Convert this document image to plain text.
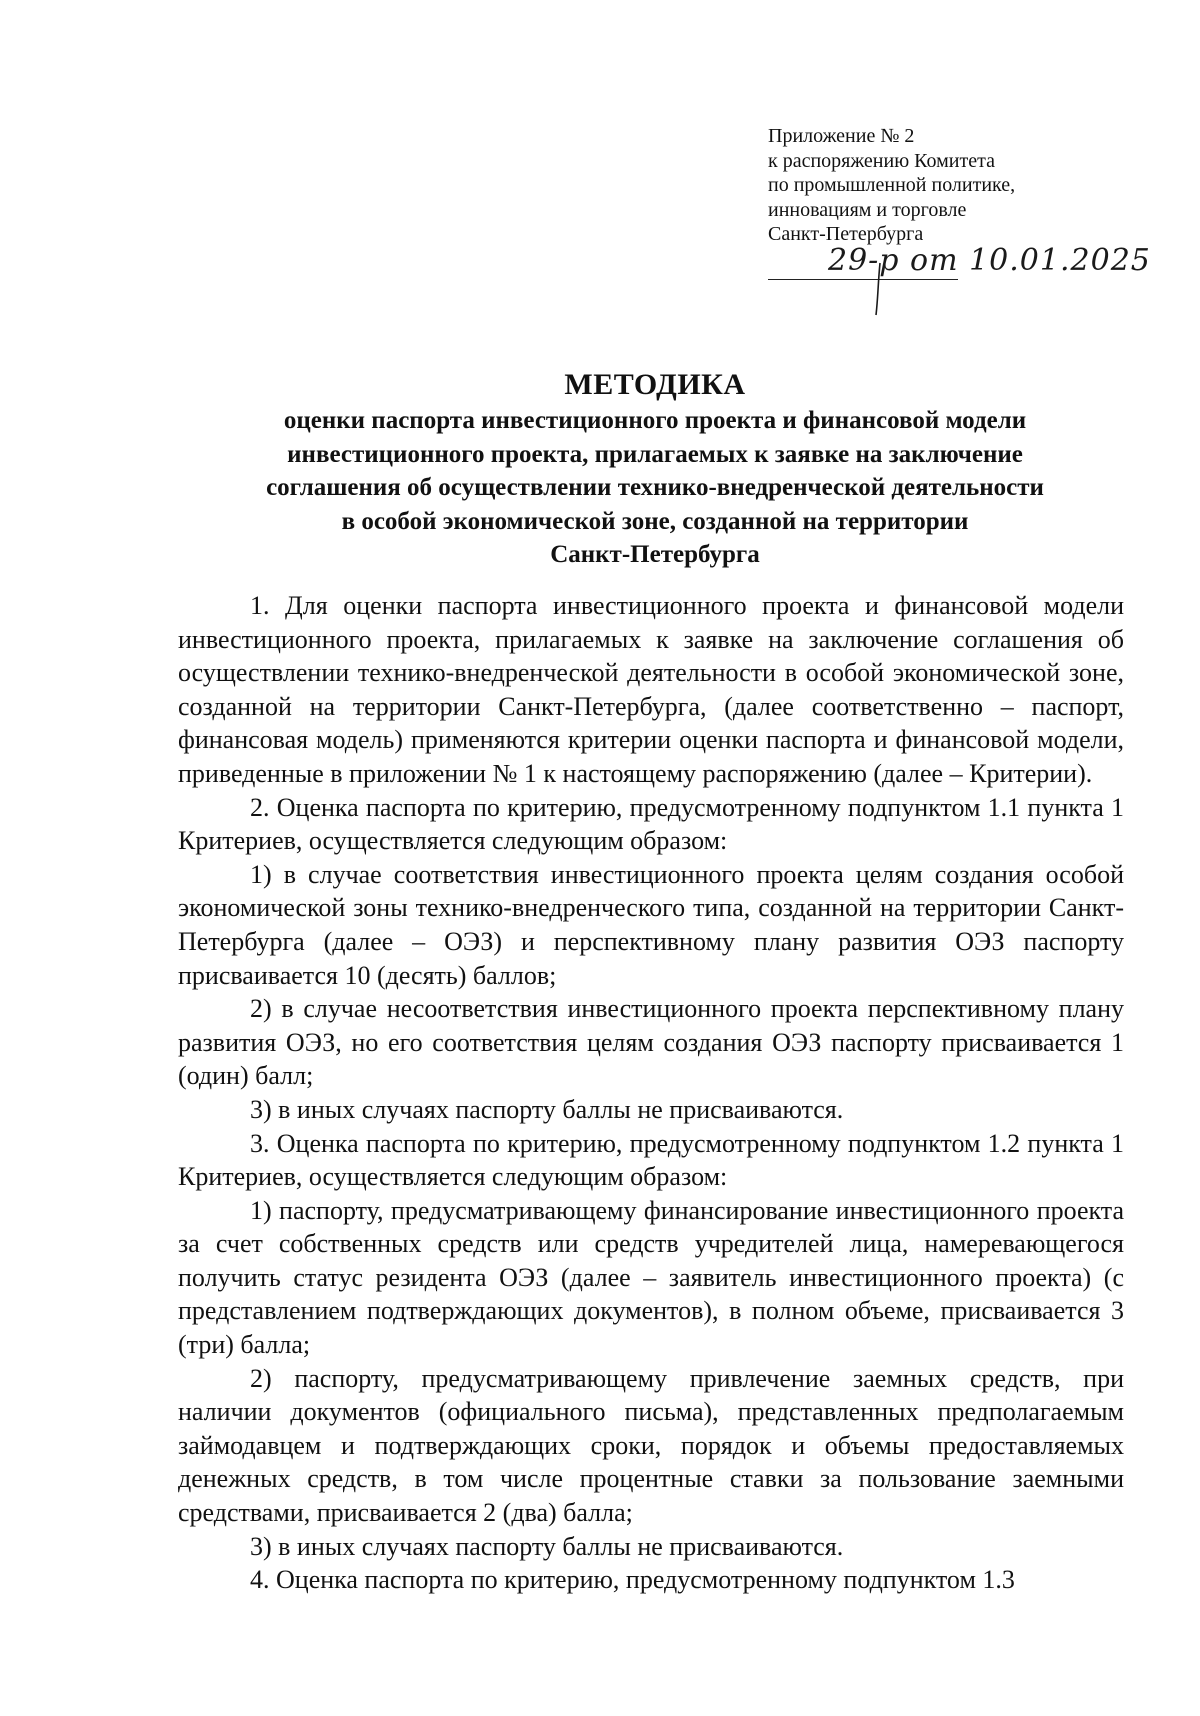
Приложение № 2
к распоряжению Комитета
по промышленной политике,
инновациям и торговле
Санкт-Петербурга
29-р от 10.01.2025
МЕТОДИКА
оценки паспорта инвестиционного проекта и финансовой модели
инвестиционного проекта, прилагаемых к заявке на заключение
соглашения об осуществлении технико-внедренческой деятельности
в особой экономической зоне, созданной на территории
Санкт-Петербурга

1. Для оценки паспорта инвестиционного проекта и финансовой модели инвестиционного проекта, прилагаемых к заявке на заключение соглашения об осуществлении технико-внедренческой деятельности в особой экономической зоне, созданной на территории Санкт-Петербурга, (далее соответственно – паспорт, финансовая модель) применяются критерии оценки паспорта и финансовой модели, приведенные в приложении № 1 к настоящему распоряжению (далее – Критерии).

2. Оценка паспорта по критерию, предусмотренному подпунктом 1.1 пункта 1 Критериев, осуществляется следующим образом:

1) в случае соответствия инвестиционного проекта целям создания особой экономической зоны технико-внедренческого типа, созданной на территории Санкт-Петербурга (далее – ОЭЗ) и перспективному плану развития ОЭЗ паспорту присваивается 10 (десять) баллов;

2) в случае несоответствия инвестиционного проекта перспективному плану развития ОЭЗ, но его соответствия целям создания ОЭЗ паспорту присваивается 1 (один) балл;

3) в иных случаях паспорту баллы не присваиваются.

3. Оценка паспорта по критерию, предусмотренному подпунктом 1.2 пункта 1 Критериев, осуществляется следующим образом:

1) паспорту, предусматривающему финансирование инвестиционного проекта за счет собственных средств или средств учредителей лица, намеревающегося получить статус резидента ОЭЗ (далее – заявитель инвестиционного проекта) (с представлением подтверждающих документов), в полном объеме, присваивается 3 (три) балла;

2) паспорту, предусматривающему привлечение заемных средств, при наличии документов (официального письма), представленных предполагаемым займодавцем и подтверждающих сроки, порядок и объемы предоставляемых денежных средств, в том числе процентные ставки за пользование заемными средствами, присваивается 2 (два) балла;

3) в иных случаях паспорту баллы не присваиваются.

4. Оценка паспорта по критерию, предусмотренному подпунктом 1.3
